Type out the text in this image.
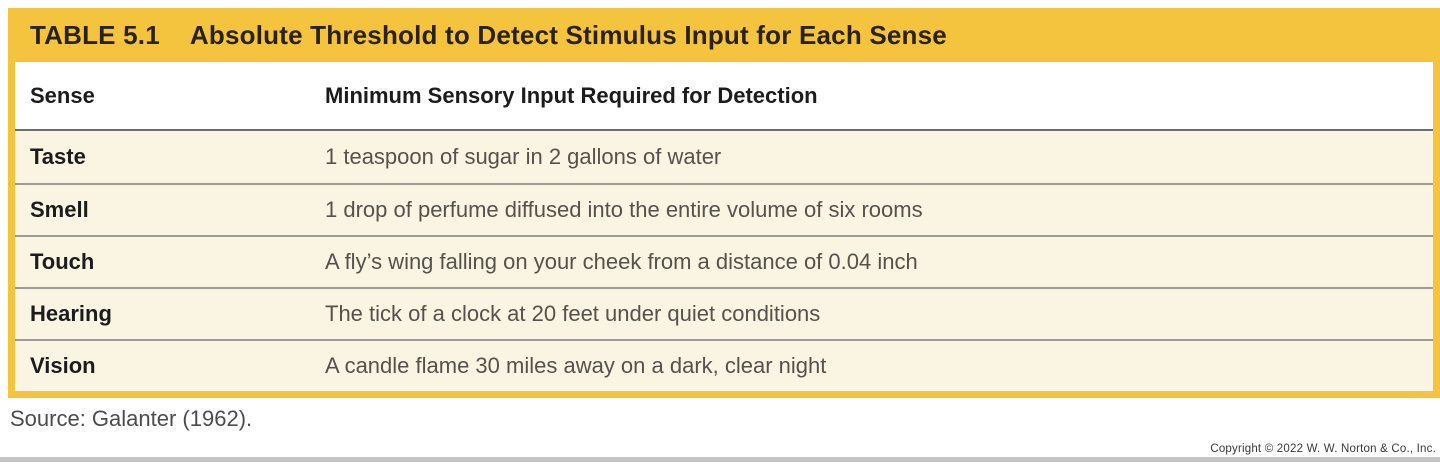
TABLE 5.1 Absolute Threshold to Detect Stimulus Input for Each Sense
Sense	Minimum Sensory Input Required for Detection
Taste	1 teaspoon of sugar in 2 gallons of water
Smell	1 drop of perfume diffused into the entire volume of six rooms
Touch	A fly’s wing falling on your cheek from a distance of 0.04 inch
Hearing	The tick of a clock at 20 feet under quiet conditions
Vision	A candle flame 30 miles away on a dark, clear night
Source: Galanter (1962).
Copyright © 2022 W. W. Norton & Co., Inc.
